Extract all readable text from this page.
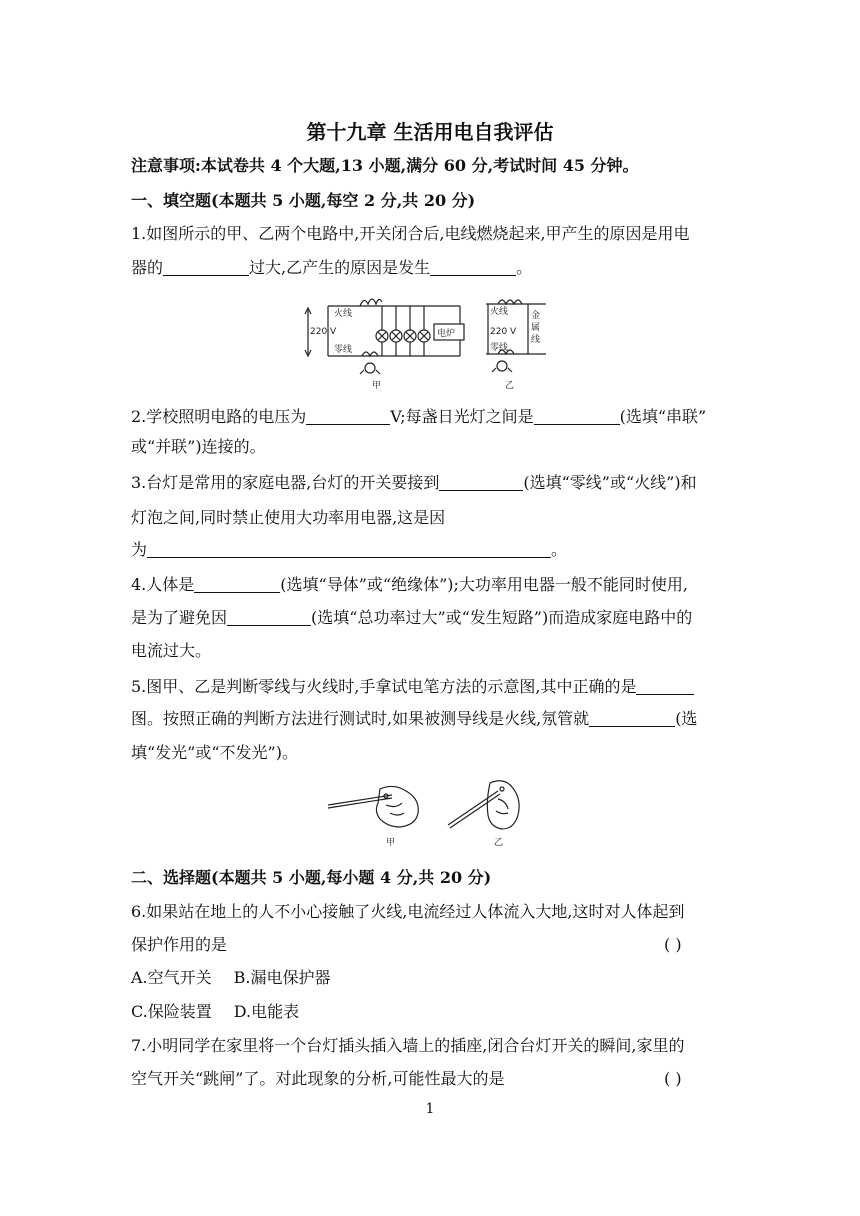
第十九章 生活用电自我评估
注意事项:本试卷共 4 个大题,13 小题,满分 60 分,考试时间 45 分钟。
一、填空题(本题共 5 小题,每空 2 分,共 20 分)
1.如图所示的甲、乙两个电路中,开关闭合后,电线燃烧起来,甲产生的原因是用电
器的	过大,乙产生的原因是发生	。
火线
零线
220 V	电炉
甲
火线
220 V
零线
金
属
线
乙
2.学校照明电路的电压为	V;每盏日光灯之间是	(选填“串联”
或“并联”)连接的。
3.台灯是常用的家庭电器,台灯的开关要接到	(选填“零线”或“火线”)和
灯泡之间,同时禁止使用大功率用电器,这是因
为	。
4.人体是	(选填“导体”或“绝缘体”);大功率用电器一般不能同时使用,
是为了避免因	(选填“总功率过大”或“发生短路”)而造成家庭电路中的
电流过大。
5.图甲、乙是判断零线与火线时,手拿试电笔方法的示意图,其中正确的是
图。按照正确的判断方法进行测试时,如果被测导线是火线,氖管就	(选
填“发光”或“不发光”)。
甲	乙
二、选择题(本题共 5 小题,每小题 4 分,共 20 分)
6.如果站在地上的人不小心接触了火线,电流经过人体流入大地,这时对人体起到
保护作用的是	( )
A.空气开关 B.漏电保护器
C.保险装置 D.电能表
7.小明同学在家里将一个台灯插头插入墙上的插座,闭合台灯开关的瞬间,家里的
空气开关“跳闸”了。对此现象的分析,可能性最大的是	( )
1
